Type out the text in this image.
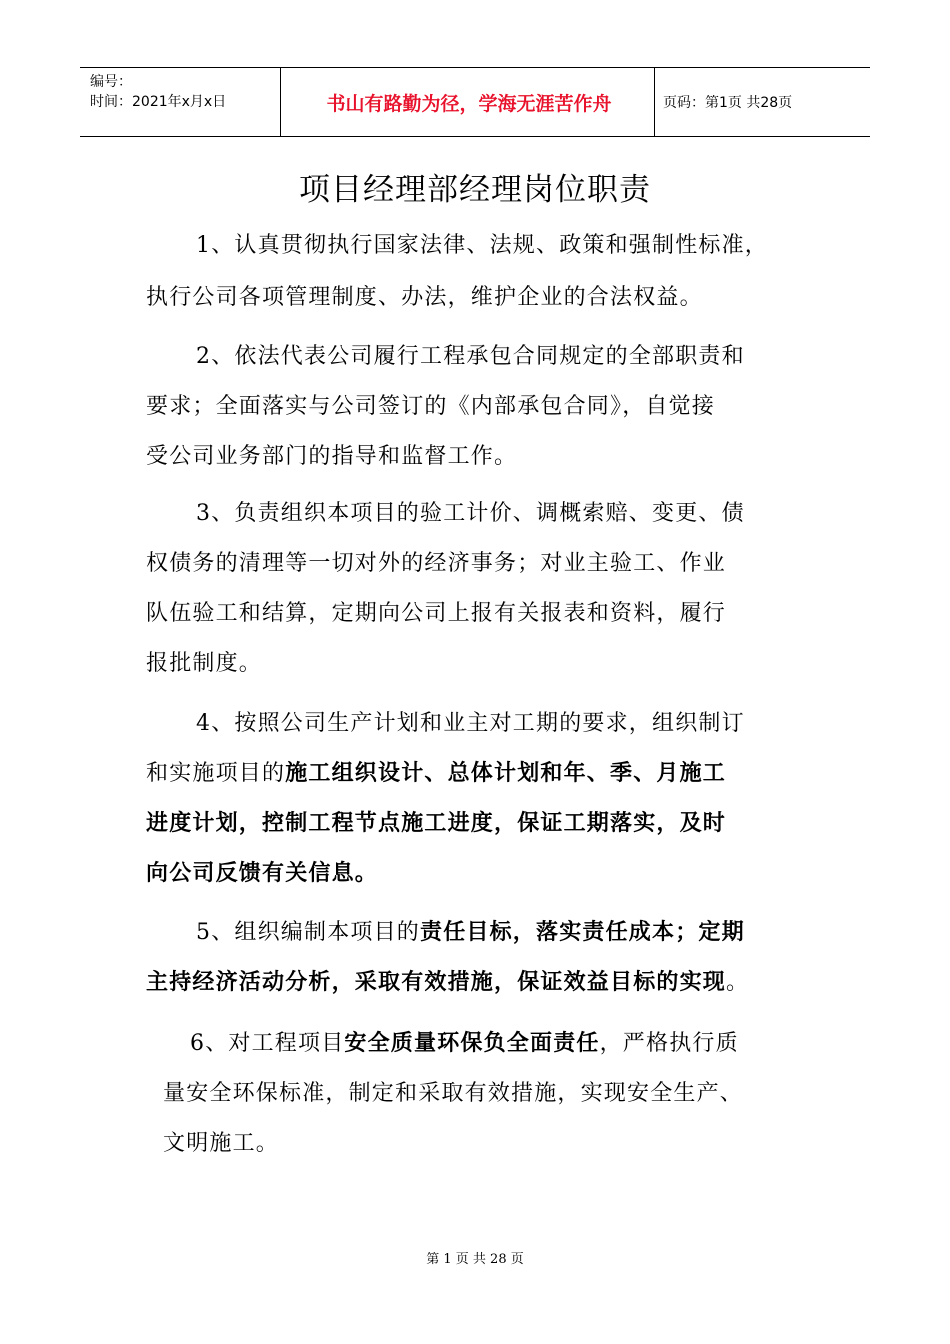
编号：
时间：2021年x月x日	书山有路勤为径，学海无涯苦作舟	页码：第1页 共28页
项目经理部经理岗位职责
1、认真贯彻执行国家法律、法规、政策和强制性标准，
执行公司各项管理制度、办法，维护企业的合法权益。
2、依法代表公司履行工程承包合同规定的全部职责和
要求；全面落实与公司签订的《内部承包合同》，自觉接
受公司业务部门的指导和监督工作。
3、负责组织本项目的验工计价、调概索赔、变更、债
权债务的清理等一切对外的经济事务；对业主验工、作业
队伍验工和结算，定期向公司上报有关报表和资料，履行
报批制度。
4、按照公司生产计划和业主对工期的要求，组织制订
和实施项目的施工组织设计、总体计划和年、季、月施工
进度计划，控制工程节点施工进度，保证工期落实，及时
向公司反馈有关信息。
5、组织编制本项目的责任目标，落实责任成本；定期
主持经济活动分析，采取有效措施，保证效益目标的实现。
6、对工程项目安全质量环保负全面责任，严格执行质
量安全环保标准，制定和采取有效措施，实现安全生产、
文明施工。
第 1 页 共 28 页
